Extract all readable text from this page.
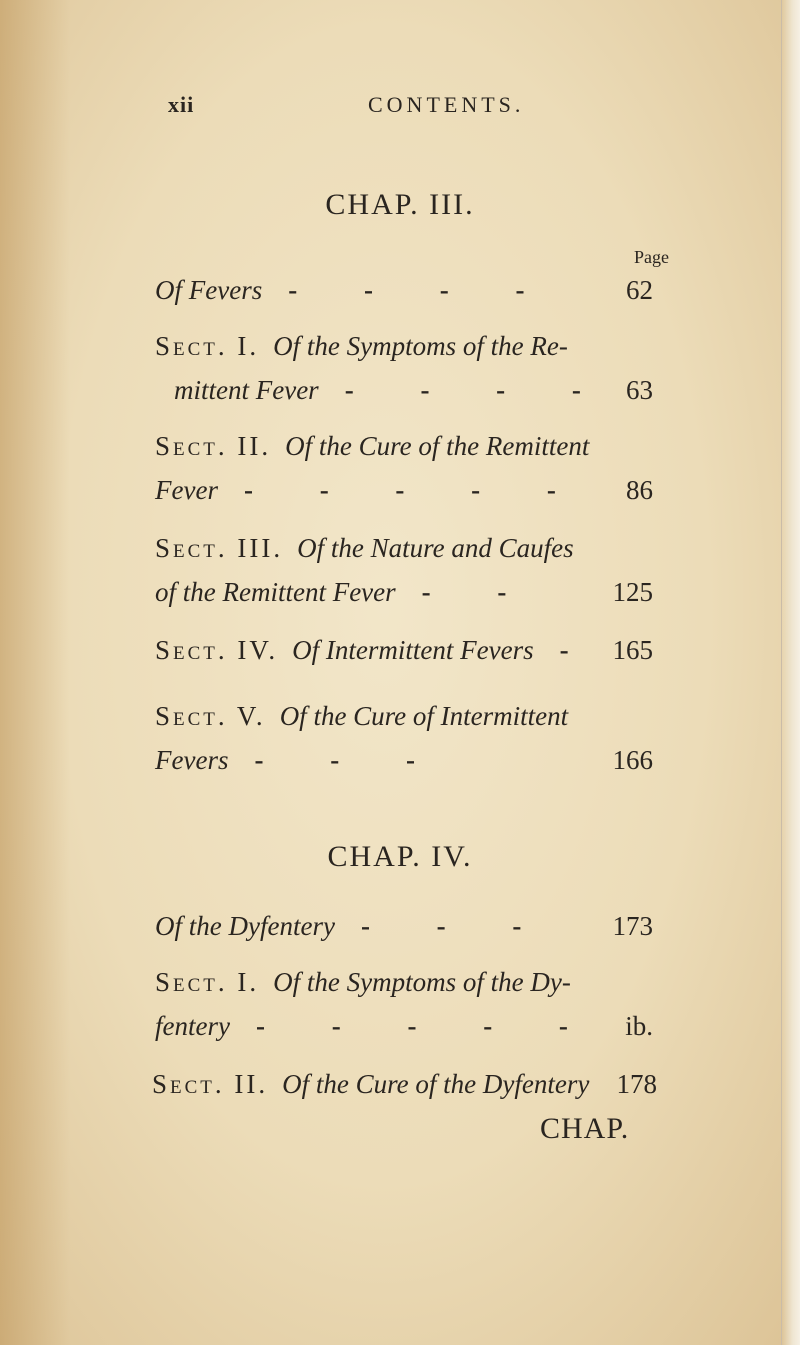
xii	CONTENTS.
CHAP. III.
Page
Of Fevers - - - -	62
Sect. I. Of the Symptoms of the Re-
mittent Fever - - - - 63
Sect. II. Of the Cure of the Remittent
Fever - - - - - 86
Sect. III. Of the Nature and Caufes
of the Remittent Fever - -	125
Sect. IV. Of Intermittent Fevers - 165
Sect. V. Of the Cure of Intermittent
Fevers - - -	166
CHAP. IV.
Of the Dyfentery - - - 173
Sect. I. Of the Symptoms of the Dy-
fentery - - - - - ib.
Sect. II. Of the Cure of the Dyfentery 178
CHAP.
